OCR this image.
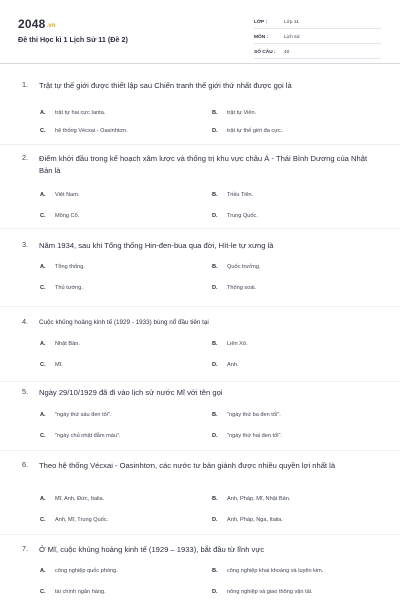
2048.vn
Đề thi Học kì 1 Lịch Sử 11 (Đề 2)
LỚP :	Lớp 11
MÔN :	Lịch sử
SỐ CÂU :	40
1. Trật tự thế giới được thiết lập sau Chiến tranh thế giới thứ nhất được gọi là
A. trật tự hai cực Ianta.	B. trật tự Viên.
C. hệ thống Vécxai - Oasinhtơn.	D. trật tự thế giới đa cực.
2. Điểm khởi đầu trong kế hoạch xâm lược và thống trị khu vực châu Á - Thái Bình Dương của Nhật Bản là
A. Việt Nam.	B. Triều Tiên.
C. Mông Cổ.	D. Trung Quốc.
3. Năm 1934, sau khi Tổng thống Hin-đen-bua qua đời, Hít-le tự xưng là
A. Tổng thống.	B. Quốc trưởng.
C. Thủ tướng.	D. Thống soái.
4. Cuộc khủng hoảng kinh tế (1929 - 1933) bùng nổ đầu tiên tại
A. Nhật Bản.	B. Liên Xô.
C. Mĩ.	D. Anh.
5. Ngày 29/10/1929 đã đi vào lịch sử nước Mĩ với tên gọi
A. "ngày thứ sáu đen tối".	B. "ngày thứ ba đen tối".
C. "ngày chủ nhật đẫm máu".	D. "ngày thứ hai đen tối".
6. Theo hệ thống Vécxai - Oasinhtơn, các nước tư bản giành được nhiều quyền lợi nhất là
A. Mĩ, Anh, Đức, Italia.	B. Anh, Pháp, Mĩ, Nhật Bản.
C. Anh, Mĩ, Trung Quốc.	D. Anh, Pháp, Nga, Italia.
7. Ở Mĩ, cuộc khủng hoảng kinh tế (1929 – 1933), bắt đầu từ lĩnh vực
A. công nghiệp quốc phòng.	B. công nghiệp khai khoáng và luyện kim.
C. tài chính ngân hàng.	D. nông nghiệp và giao thông vận tải.
